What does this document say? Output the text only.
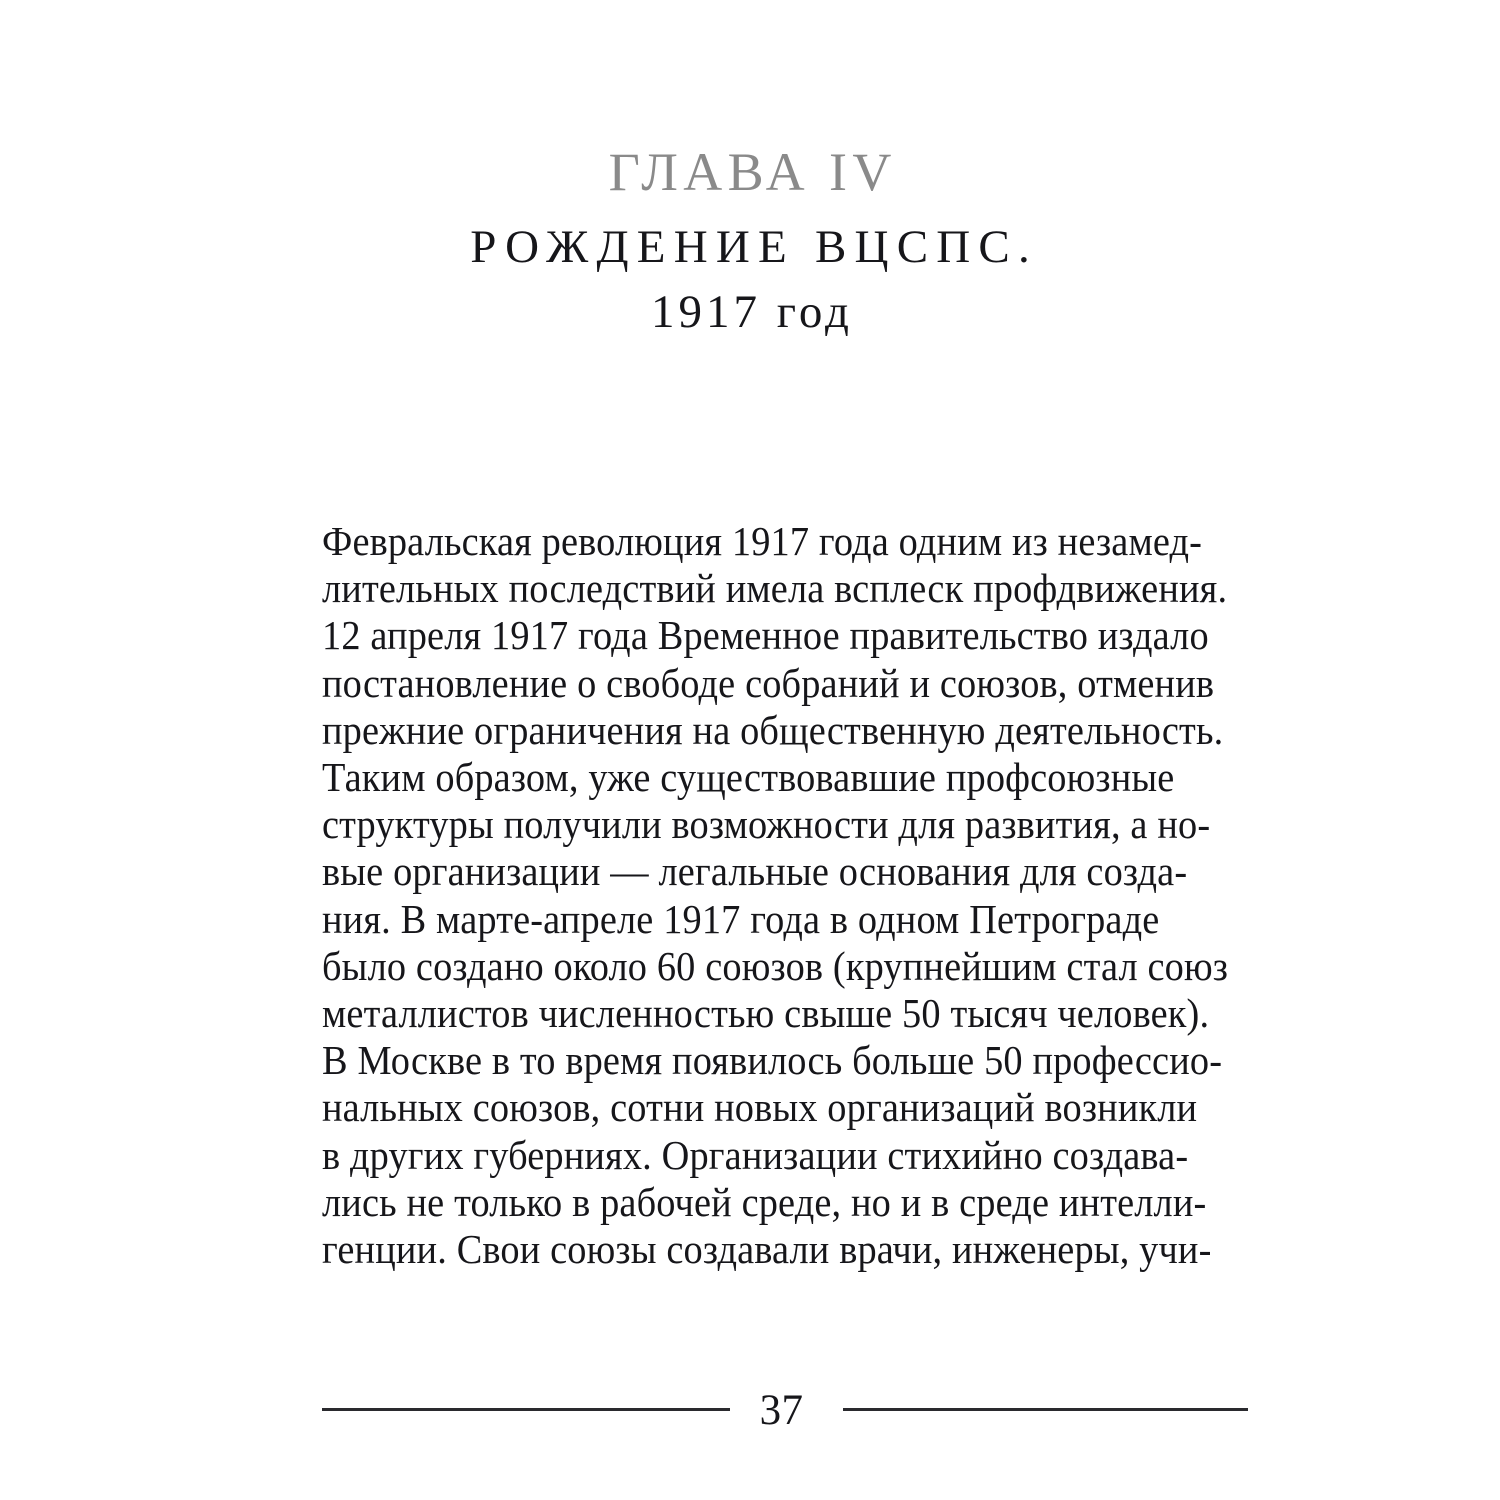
ГЛАВА IV
РОЖДЕНИЕ ВЦСПС.
1917 год
Февральская революция 1917 года одним из незамед-
лительных последствий имела всплеск профдвижения.
12 апреля 1917 года Временное правительство издало
постановление о свободе собраний и союзов, отменив
прежние ограничения на общественную деятельность.
Таким образом, уже существовавшие профсоюзные
структуры получили возможности для развития, а но-
вые организации — легальные основания для созда-
ния. В марте-апреле 1917 года в одном Петрограде
было создано около 60 союзов (крупнейшим стал союз
металлистов численностью свыше 50 тысяч человек).
В Москве в то время появилось больше 50 профессио-
нальных союзов, сотни новых организаций возникли
в других губерниях. Организации стихийно создава-
лись не только в рабочей среде, но и в среде интелли-
генции. Свои союзы создавали врачи, инженеры, учи-
37
